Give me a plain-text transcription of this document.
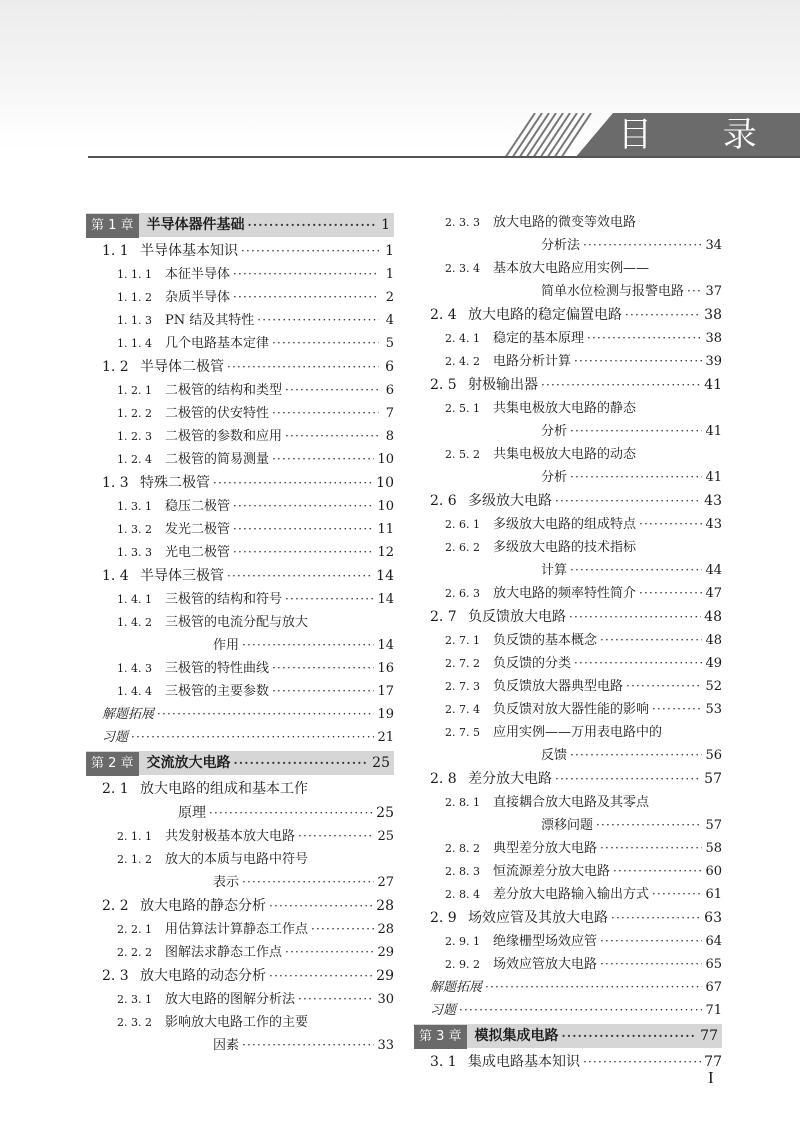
目 录
第 1 章 半导体器件基础 ·····	1
1. 1 半导体基本知识 ·····	1
1. 1. 1	本征半导体 ·····	1
1. 1. 2	杂质半导体 ·····	2
1. 1. 3	PN 结及其特性 ·····	4
1. 1. 4	几个电路基本定律 ·····	5
1. 2 半导体二极管 ·····	6
1. 2. 1	二极管的结构和类型 ·····	6
1. 2. 2	二极管的伏安特性 ·····	7
1. 2. 3	二极管的参数和应用 ·····	8
1. 2. 4	二极管的简易测量 ·····	10
1. 3 特殊二极管 ·····	10
1. 3. 1	稳压二极管 ·····	10
1. 3. 2	发光二极管 ·····	11
1. 3. 3	光电二极管 ·····	12
1. 4 半导体三极管 ·····	14
1. 4. 1	三极管的结构和符号 ·····	14
1. 4. 2	三极管的电流分配与放大
作用 ·····	14
1. 4. 3	三极管的特性曲线 ·····	16
1. 4. 4	三极管的主要参数 ·····	17
解题拓展 ·····	19
习题 ·····	21
第 2 章 交流放大电路 ·····	25
2. 1 放大电路的组成和基本工作
原理 ·····	25
2. 1. 1	共发射极基本放大电路 ·····	25
2. 1. 2	放大的本质与电路中符号
表示 ·····	27
2. 2 放大电路的静态分析 ·····	28
2. 2. 1	用估算法计算静态工作点 ·····	28
2. 2. 2	图解法求静态工作点 ·····	29
2. 3 放大电路的动态分析 ·····	29
2. 3. 1	放大电路的图解分析法 ·····	30
2. 3. 2	影响放大电路工作的主要
因素 ·····	33
2. 3. 3	放大电路的微变等效电路
分析法 ·····	34
2. 3. 4	基本放大电路应用实例——
简单水位检测与报警电路 ····· 37
2. 4 放大电路的稳定偏置电路 ·····	38
2. 4. 1	稳定的基本原理 ·····	38
2. 4. 2	电路分析计算 ·····	39
2. 5 射极输出器 ·····	41
2. 5. 1	共集电极放大电路的静态
分析 ·····	41
2. 5. 2	共集电极放大电路的动态
分析 ·····	41
2. 6 多级放大电路 ·····	43
2. 6. 1	多级放大电路的组成特点 ·····	43
2. 6. 2	多级放大电路的技术指标
计算 ·····	44
2. 6. 3	放大电路的频率特性简介 ·····	47
2. 7 负反馈放大电路 ·····	48
2. 7. 1	负反馈的基本概念 ·····	48
2. 7. 2	负反馈的分类 ·····	49
2. 7. 3	负反馈放大器典型电路 ·····	52
2. 7. 4	负反馈对放大器性能的影响 ·····	53
2. 7. 5	应用实例——万用表电路中的
反馈 ·····	56
2. 8 差分放大电路 ·····	57
2. 8. 1	直接耦合放大电路及其零点
漂移问题 ·····	57
2. 8. 2	典型差分放大电路 ·····	58
2. 8. 3	恒流源差分放大电路 ·····	60
2. 8. 4	差分放大电路输入输出方式 ·····	61
2. 9 场效应管及其放大电路 ·····	63
2. 9. 1	绝缘栅型场效应管 ·····	64
2. 9. 2	场效应管放大电路 ·····	65
解题拓展 ·····	67
习题 ·····	71
第 3 章 模拟集成电路 ·····	77
3. 1 集成电路基本知识 ·····	77
I
